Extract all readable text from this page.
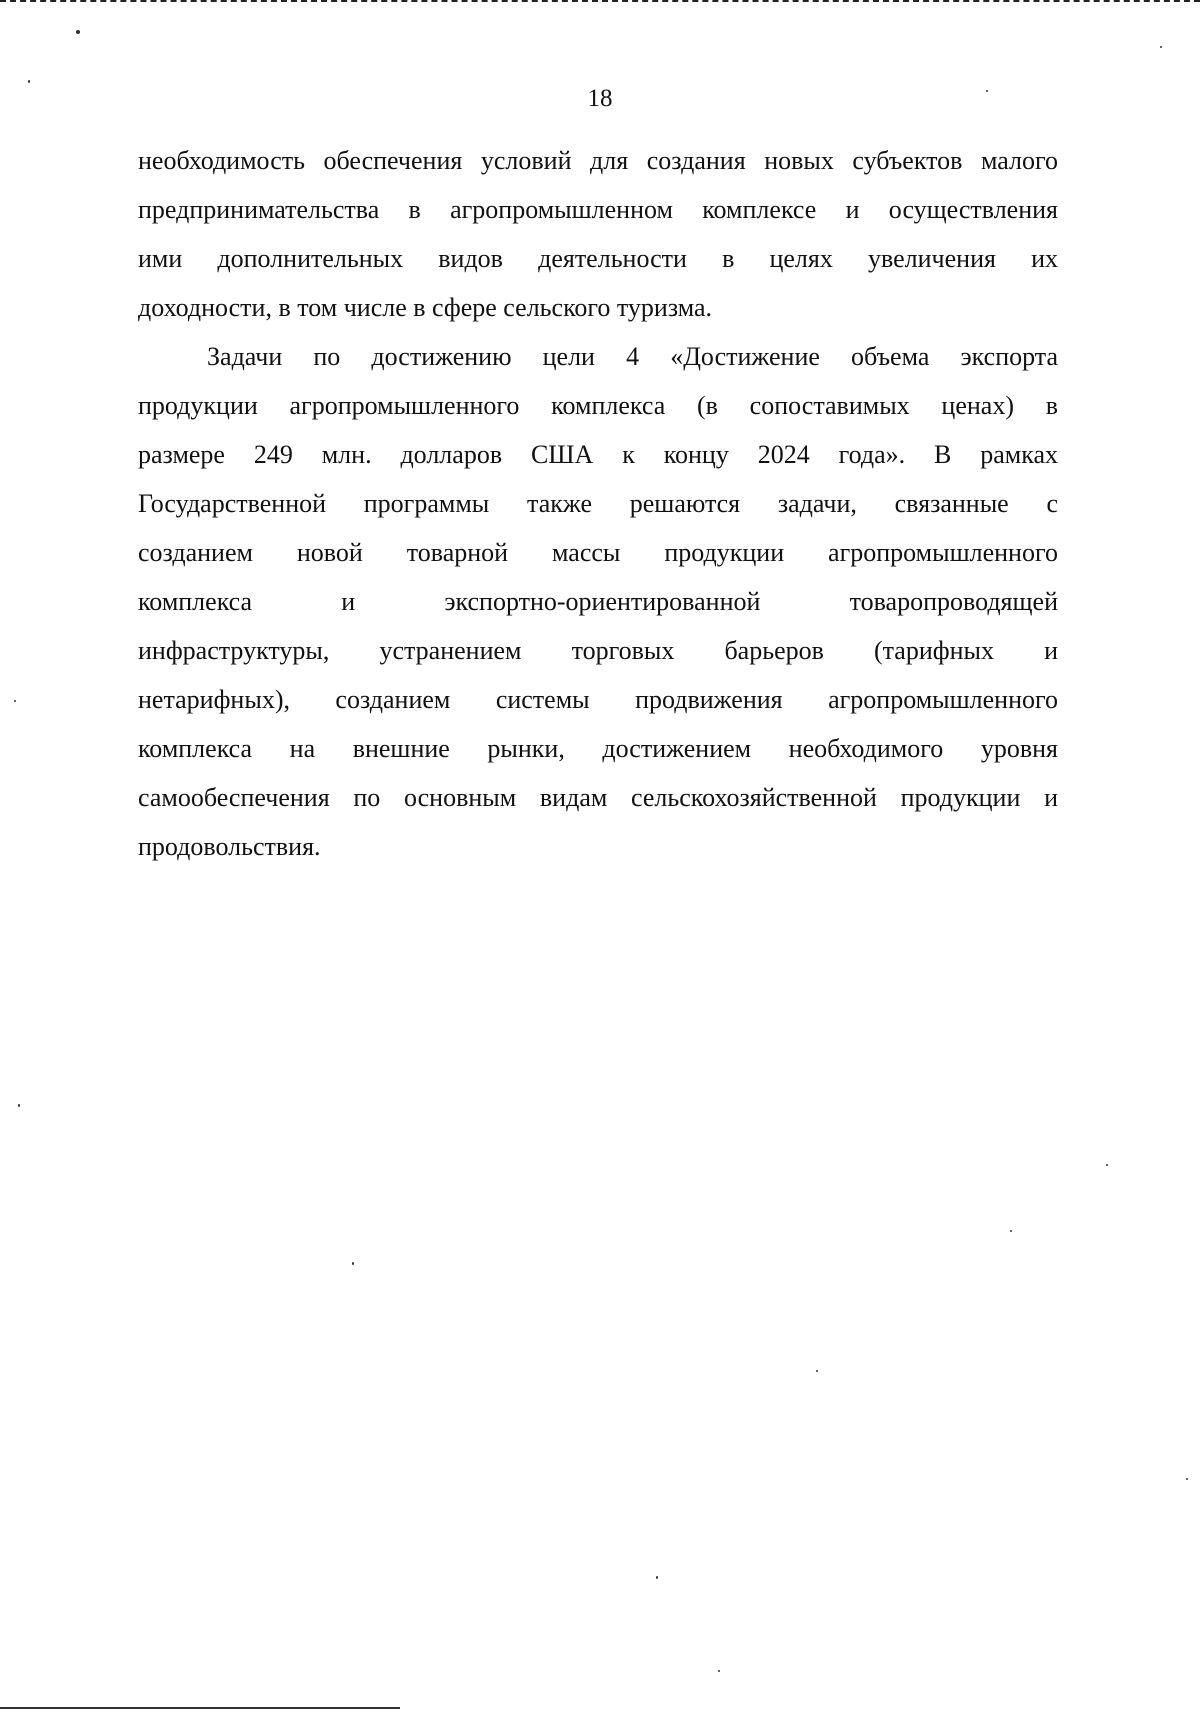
18

необходимость обеспечения условий для создания новых субъектов малого
предпринимательства в агропромышленном комплексе и осуществления
ими дополнительных видов деятельности в целях увеличения их
доходности, в том числе в сфере сельского туризма.

Задачи по достижению цели 4 «Достижение объема экспорта
продукции агропромышленного комплекса (в сопоставимых ценах) в
размере 249 млн. долларов США к концу 2024 года». В рамках
Государственной программы также решаются задачи, связанные с
созданием новой товарной массы продукции агропромышленного
комплекса и экспортно-ориентированной товаропроводящей
инфраструктуры, устранением торговых барьеров (тарифных и
нетарифных), созданием системы продвижения агропромышленного
комплекса на внешние рынки, достижением необходимого уровня
самообеспечения по основным видам сельскохозяйственной продукции и
продовольствия.
